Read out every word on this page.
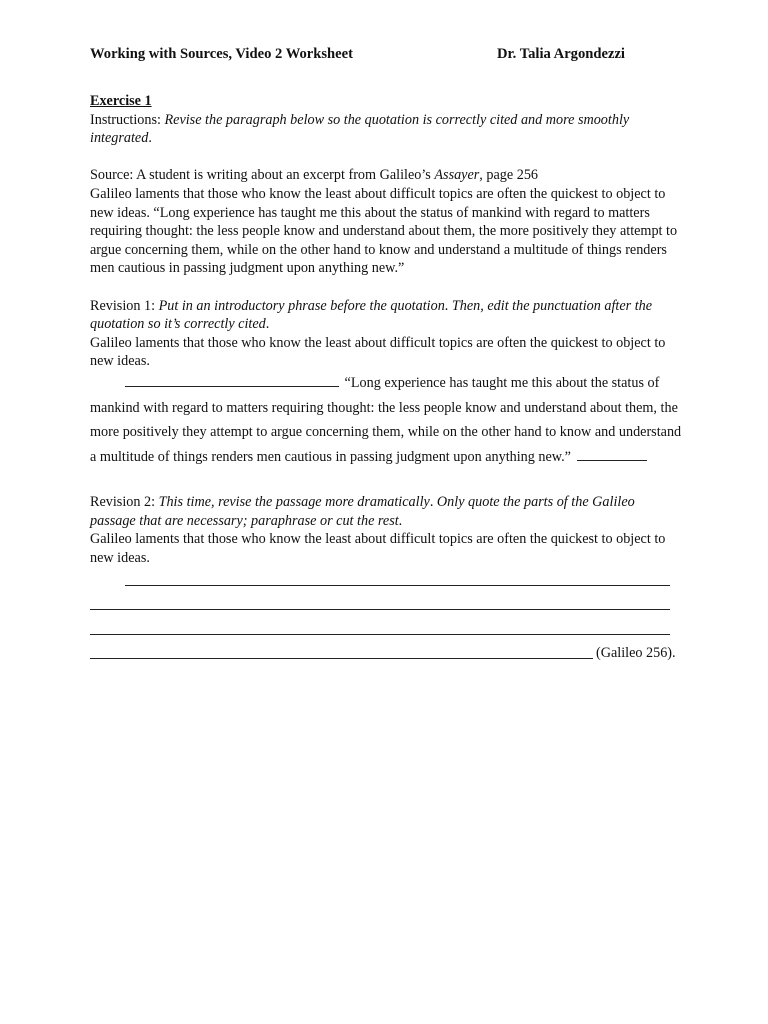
Working with Sources, Video 2 Worksheet	Dr. Talia Argondezzi
Exercise 1

Instructions: Revise the paragraph below so the quotation is correctly cited and more smoothly integrated.

Source: A student is writing about an excerpt from Galileo’s Assayer, page 256

Galileo laments that those who know the least about difficult topics are often the quickest to object to new ideas. “Long experience has taught me this about the status of mankind with regard to matters requiring thought: the less people know and understand about them, the more positively they attempt to argue concerning them, while on the other hand to know and understand a multitude of things renders men cautious in passing judgment upon anything new.”

Revision 1: Put in an introductory phrase before the quotation. Then, edit the punctuation after the quotation so it’s correctly cited.

Galileo laments that those who know the least about difficult topics are often the quickest to object to new ideas.

“Long experience has taught me this about the status of mankind with regard to matters requiring thought: the less people know and understand about them, the more positively they attempt to argue concerning them, while on the other hand to know and understand a multitude of things renders men cautious in passing judgment upon anything new.”

Revision 2: This time, revise the passage more dramatically. Only quote the parts of the Galileo passage that are necessary; paraphrase or cut the rest.

Galileo laments that those who know the least about difficult topics are often the quickest to object to new ideas.

(Galileo 256).
